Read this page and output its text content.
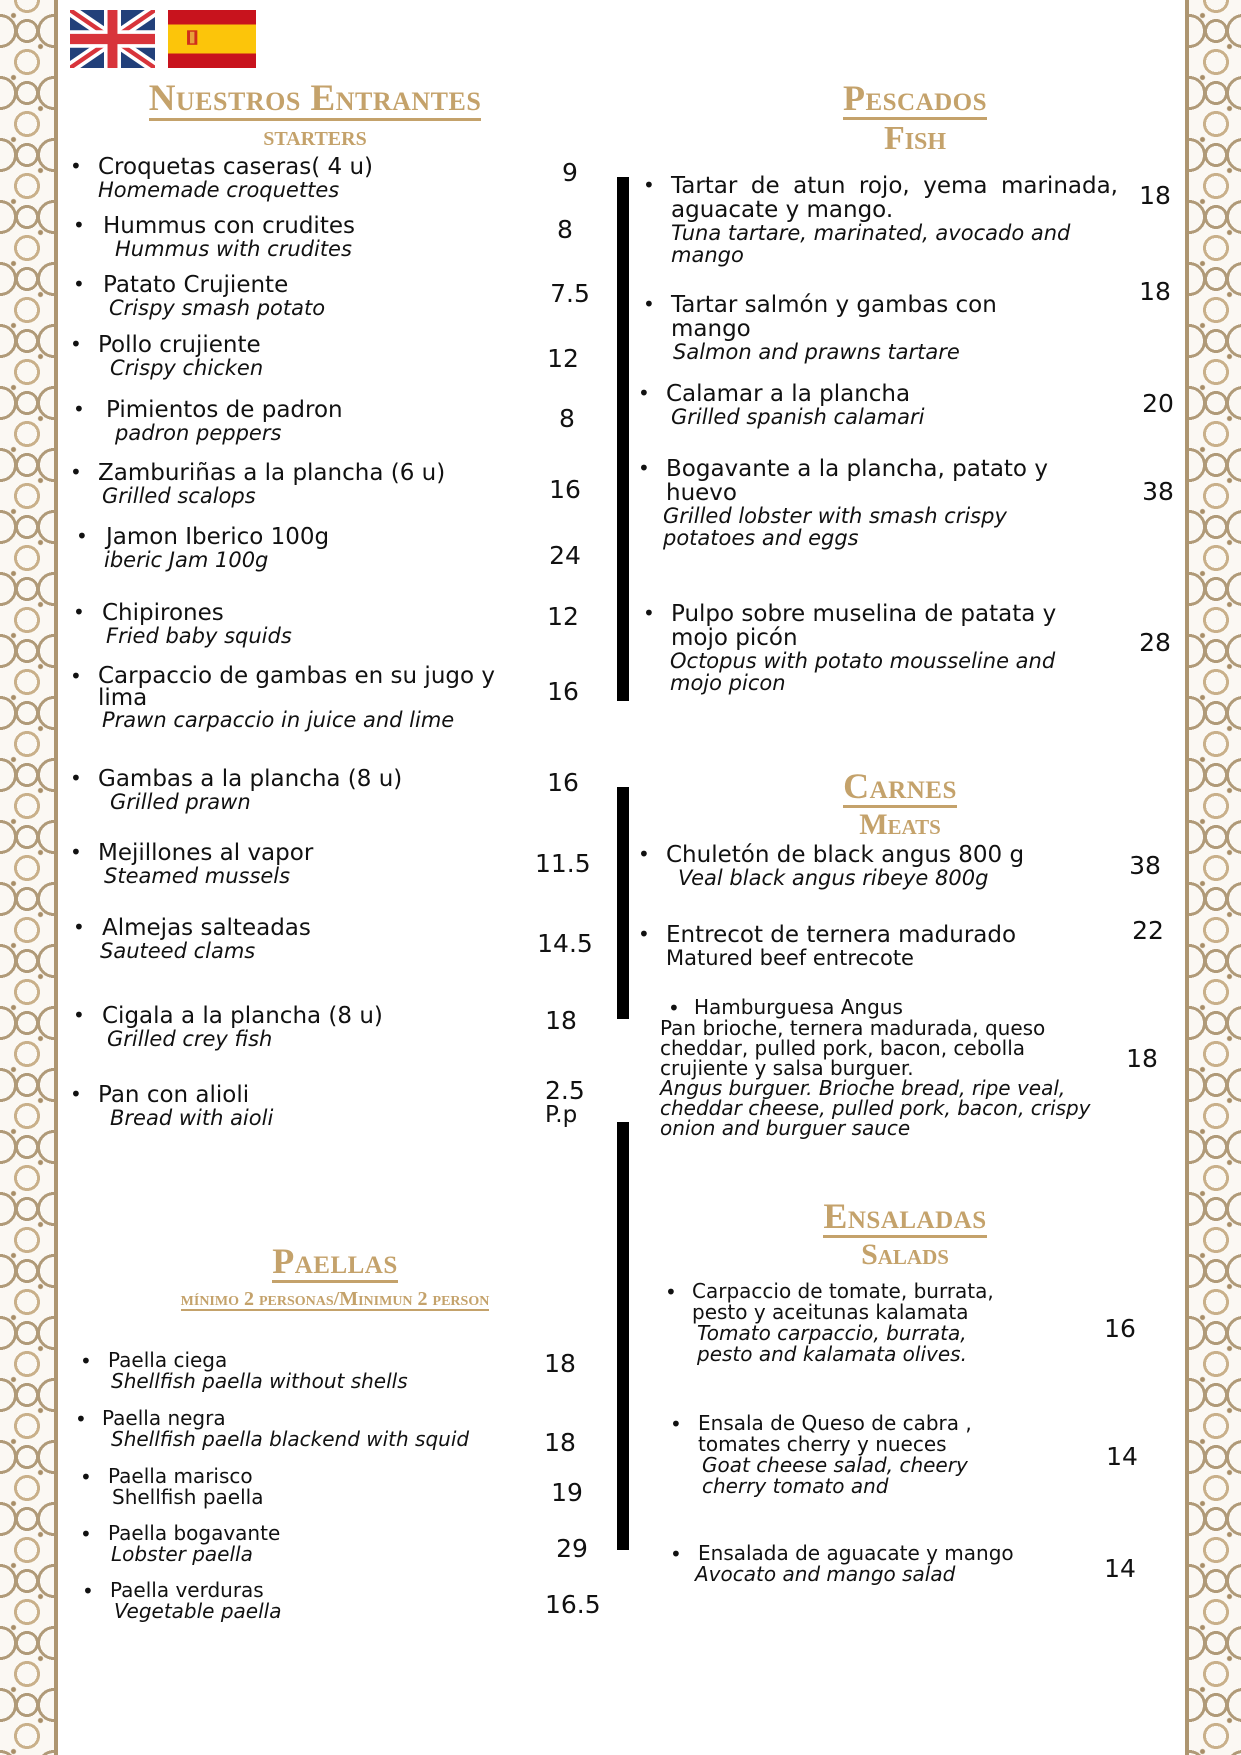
Nuestros Entrantes
starters
• Croquetas caseras( 4 u)
Homemade croquettes
9
• Hummus con crudites
Hummus with crudites
8
• Patato Crujiente
Crispy smash potato	7.5
• Pollo crujiente
Crispy chicken	12
• Pimientos de padron
padron peppers	8
• Zamburiñas a la plancha (6 u)
Grilled scalops	16
• Jamon Iberico 100g
iberic Jam 100g	24
• Chipirones
Fried baby squids
12
• Carpaccio de gambas en su jugo y lima
Prawn carpaccio in juice and lime
16
• Gambas a la plancha (8 u)
Grilled prawn
16
• Mejillones al vapor
Steamed mussels	11.5
• Almejas salteadas
Sauteed clams	14.5
• Cigala a la plancha (8 u)
Grilled crey fish
18
• Pan con alioli
Bread with aioli
2.5
P.p
Paellas
mínimo 2 personas/Minimun 2 person
• Paella ciega
Shellfish paella without shells
18
• Paella negra
Shellfish paella blackend with squid	18
• Paella marisco
Shellfish paella	19
• Paella bogavante
Lobster paella	29
• Paella verduras
Vegetable paella	16.5
Pescados
Fish
• Tartar de atun rojo, yema marinada, aguacate y mango.
Tuna tartare, marinated, avocado and mango
18
• Tartar salmón y gambas con mango
Salmon and prawns tartare
18
• Calamar a la plancha
Grilled spanish calamari	20
• Bogavante a la plancha, patato y huevo
Grilled lobster with smash crispy potatoes and eggs
38
• Pulpo sobre muselina de patata y mojo picón
Octopus with potato mousseline and mojo picon
28
Carnes
Meats
• Chuletón de black angus 800 g
Veal black angus ribeye 800g	38
• Entrecot de ternera madurado
Matured beef entrecote
22
• Hamburguesa Angus
Pan brioche, ternera madurada, queso cheddar, pulled pork, bacon, cebolla crujiente y salsa burguer.
Angus burguer. Brioche bread, ripe veal, cheddar cheese, pulled pork, bacon, crispy onion and burguer sauce
18
Ensaladas
Salads
• Carpaccio de tomate, burrata, pesto y aceitunas kalamata
Tomato carpaccio, burrata, pesto and kalamata olives.
16
• Ensala de Queso de cabra , tomates cherry y nueces
Goat cheese salad, cheery cherry tomato and
14
• Ensalada de aguacate y mango
Avocato and mango salad	14
